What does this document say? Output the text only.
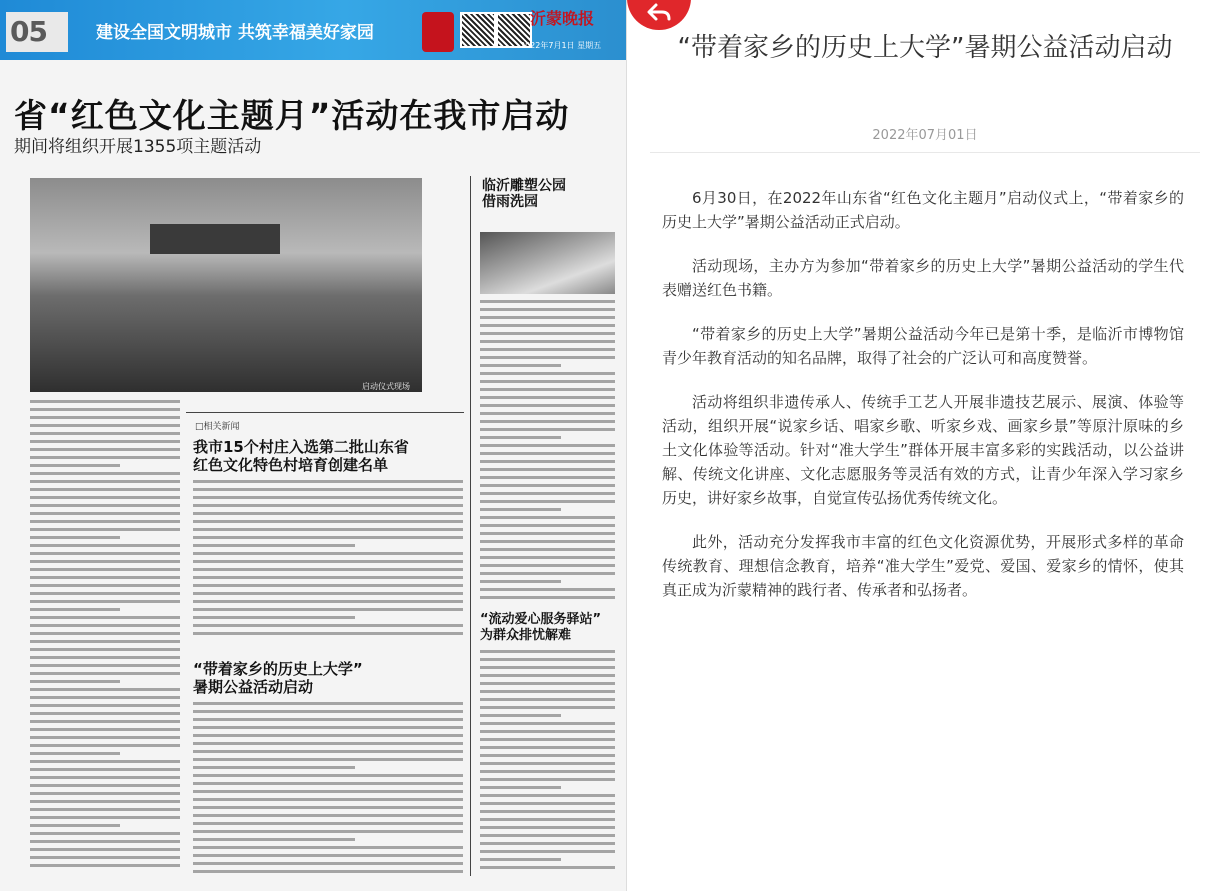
05	建设全国文明城市 共筑幸福美好家园
沂蒙晚报
2022年7月1日 星期五
省“红色文化主题月”活动在我市启动
期间将组织开展1355项主题活动
启动仪式现场
临沂雕塑公园
借雨洗园
□相关新闻
我市15个村庄入选第二批山东省
红色文化特色村培育创建名单
“带着家乡的历史上大学”
暑期公益活动启动
“流动爱心服务驿站”
为群众排忧解难
“带着家乡的历史上大学”暑期公益活动启动
2022年07月01日

6月30日，在2022年山东省“红色文化主题月”启动仪式上，“带着家乡的历史上大学”暑期公益活动正式启动。

活动现场，主办方为参加“带着家乡的历史上大学”暑期公益活动的学生代表赠送红色书籍。

“带着家乡的历史上大学”暑期公益活动今年已是第十季，是临沂市博物馆青少年教育活动的知名品牌，取得了社会的广泛认可和高度赞誉。

活动将组织非遗传承人、传统手工艺人开展非遗技艺展示、展演、体验等活动，组织开展“说家乡话、唱家乡歌、听家乡戏、画家乡景”等原汁原味的乡土文化体验等活动。针对“准大学生”群体开展丰富多彩的实践活动，以公益讲解、传统文化讲座、文化志愿服务等灵活有效的方式，让青少年深入学习家乡历史，讲好家乡故事，自觉宣传弘扬优秀传统文化。

此外，活动充分发挥我市丰富的红色文化资源优势，开展形式多样的革命传统教育、理想信念教育，培养“准大学生”爱党、爱国、爱家乡的情怀，使其真正成为沂蒙精神的践行者、传承者和弘扬者。
